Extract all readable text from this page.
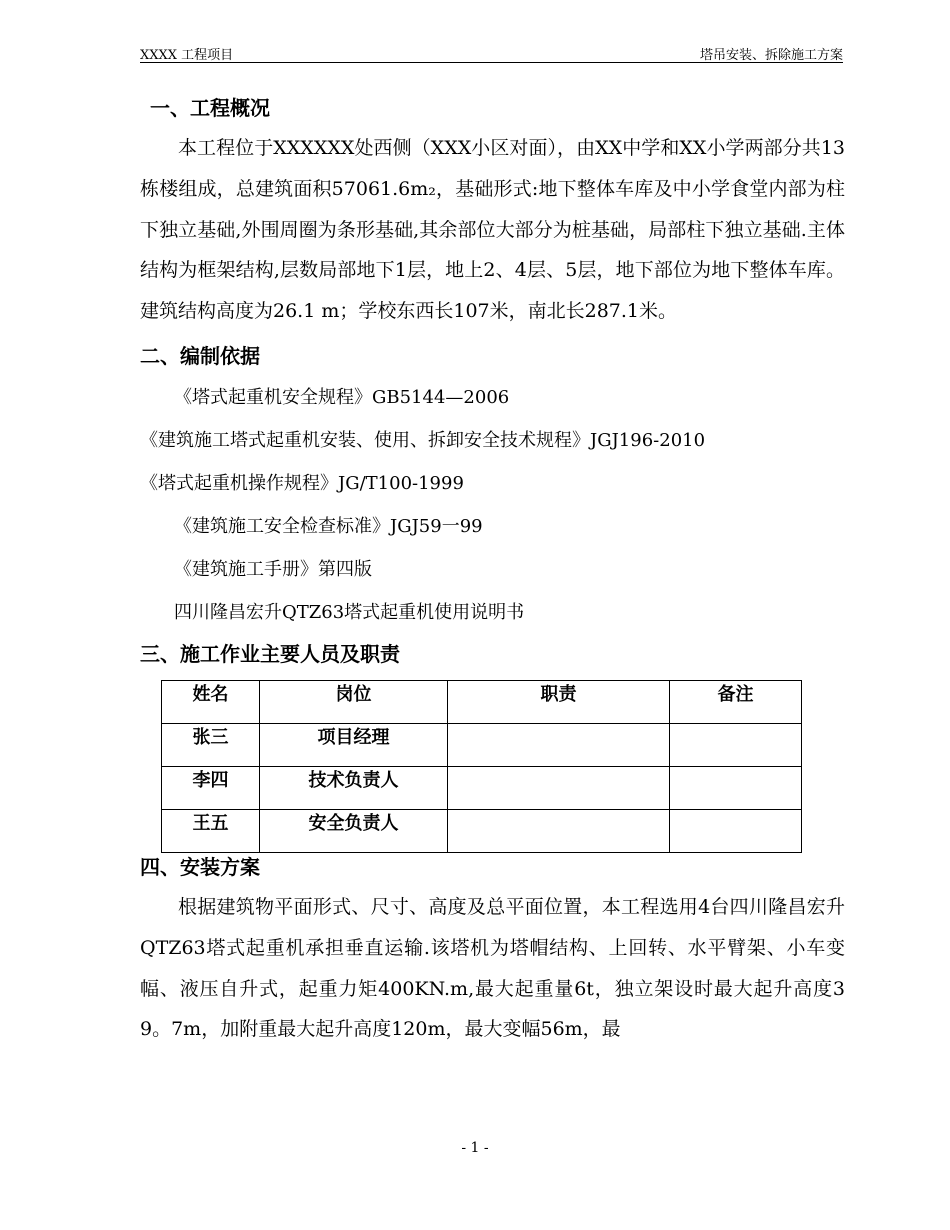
XXXX 工程项目	塔吊安装、拆除施工方案
一、工程概况

本工程位于XXXXXX处西侧（XXX小区对面），由XX中学和XX小学两部分共13栋楼组成，总建筑面积57061.6m₂，基础形式:地下整体车库及中小学食堂内部为柱下独立基础,外围周圈为条形基础,其余部位大部分为桩基础，局部柱下独立基础.主体结构为框架结构,层数局部地下1层，地上2、4层、5层，地下部位为地下整体车库。建筑结构高度为26.1 m；学校东西长107米，南北长287.1米。

二、编制依据
《塔式起重机安全规程》GB5144—2006
《建筑施工塔式起重机安装、使用、拆卸安全技术规程》JGJ196-2010
《塔式起重机操作规程》JG/T100-1999
《建筑施工安全检查标准》JGJ59一99
《建筑施工手册》第四版
四川隆昌宏升QTZ63塔式起重机使用说明书
三、施工作业主要人员及职责
姓名	岗位	职责	备注
张三	项目经理		
李四	技术负责人		
王五	安全负责人		
四、安装方案

根据建筑物平面形式、尺寸、高度及总平面位置，本工程选用4台四川隆昌宏升QTZ63塔式起重机承担垂直运输.该塔机为塔帽结构、上回转、水平臂架、小车变幅、液压自升式，起重力矩400KN.m,最大起重量6t，独立架设时最大起升高度39。7m，加附重最大起升高度120m，最大变幅56m，最

- 1 -
